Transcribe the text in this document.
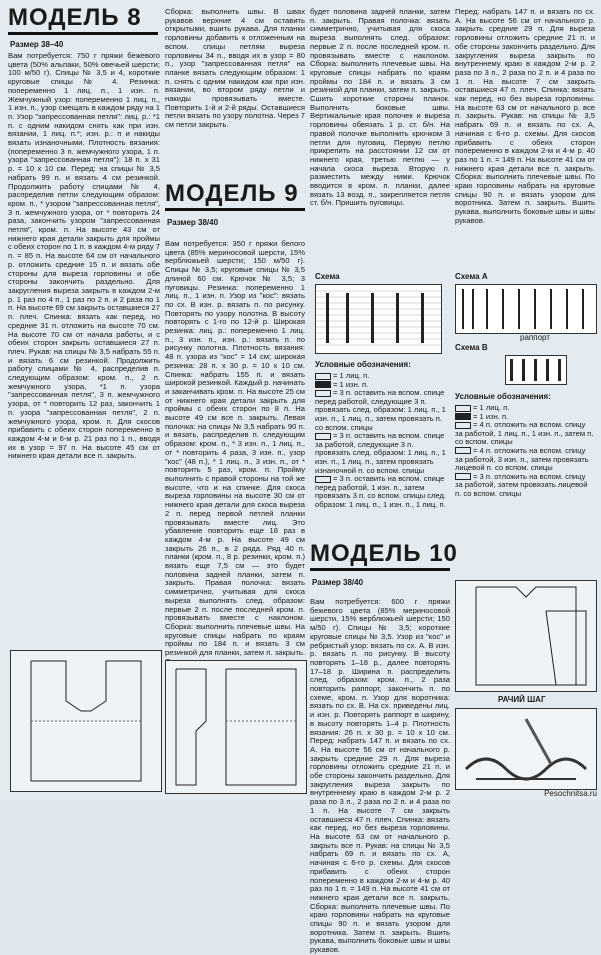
МОДЕЛЬ 8
Размер 38–40

Вам потребуется: 750 г пряжи бежевого цвета (50% альпаки, 50% овечьей шерсти; 100 м/50 г). Спицы № 3,5 и 4, короткие круговые спицы № 4. Резинка: попеременно 1 лиц. п., 1 изн. п. Жемчужный узор: попеременно 1 лиц. п., 1 изн. п., узор смещать в каждом ряду на 1 п. Узор "запрессованная петля": лиц. р.: *1 п. с одним накидом снять как при изн. вязании, 1 лиц. п.*; изн. р.: п и накиды вязать изнаночными. Плотность вязания: (попеременно 3 п. жемчужного узора, 1 п. узора "запрессованная петля"): 18 п. x 31 р. = 10 x 10 см. Перед: на спицы № 3,5 набрать 99 п. и вязать 4 см резинкой. Продолжить работу спицами № 4, распределив петли следующим образом: кром. п., * узором "запрессованная петля", 3 п. жемчужного узора, от * повторить 24 раза, закончить узором "запрессованная петля", кром. п. На высоте 43 см от нижнего края детали закрыть для проймы с обеих сторон по 1 п. в каждом 4-м ряду 7 п. = 85 п. На высоте 64 см от начального р. отложить средние 15 п. и вязать обе стороны для выреза горловины и обе стороны закончить раздельно. Для закругления выреза закрыть в каждом 2-м р. 1 раз по 4 п., 1 раз по 2 п. и 2 раза по 1 п. На высоте 69 см закрыть оставшиеся 27 п. плеч. Спинка: вязать как перед, но средние 31 п. отложить на высоте 70 см. На высоте 70 см от начала работы, и с обеих сторон закрыть оставшиеся 27 п. плеч. Рукав: на спицы № 3,5 набрать 55 п. и вязать 6 см резинкой. Продолжить работу спицами № 4, распределив п. следующим образом: кром. п., 2 п. жемчужного узора, *1 п. узора "запрессованная петля", 3 п. жемчужного узора, от * повторить 12 раз, закончить 1 п. узора "запрессованная петля", 2 п. жемчужного узора, кром. п. Для скосов прибавить с обеих сторон попеременно в каждом 4-м и 6-м р. 21 раз по 1 п., вводя их в узор = 97 п. На высоте 45 см от нижнего края детали все п. закрыть.

Сборка: выполнить швы. В швах рукавов верхние 4 см оставить открытыми, вшить рукава. Для планки горловины добавить к отложенным на вспом. спицы петлям выреза горловины 34 п., вводя их в узор = 80 п., узор "запрессованная петля" на планке вязать следующим образом: 1 п. снять с одним накидом как при изн. вязании, во втором ряду петли и накиды провязывать вместе. Повторить 1-й и 2-й ряды. Оставшиеся петли вязать по узору полотна. Через 7 см петли закрыть.

МОДЕЛЬ 9
Размер 38/40

Вам потребуется: 350 г пряжи белого цвета (85% мериносовой шерсти, 15% верблюжьей шерсти; 150 м/50 г). Спицы № 3,5; круговые спицы № 3,5 длиной 60 см. Крючок № 3,5; 3 пуговицы. Резинка: попеременно 1 лиц. п., 1 изн. п. Узор из "кос": вязать по сх. В изн. р. вязать п. по рисунку. Повторять по узору полотна. В высоту повторять с 1-го по 12-й р. Широкая резинка: лиц. р.: попеременно 1 лиц. п., 3 изн. п., изн. р.: вязать п. по рисунку полотна. Плотность вязания: 48 п. узора из "кос" = 14 см; широкая резинка: 28 п. x 30 р. = 10 x 10 см. Спинка: набрать 155 п. и вязать широкой резинкой. Каждый р. начинать и заканчивать кром. п. На высоте 25 см от нижнего края детали закрыть для проймы с обеих сторон по 8 п. На высоте 49 см все п. закрыть. Левая полочка: на спицы № 3,5 набрать 90 п. и вязать, распределив п. следующим образом: кром. п., * 3 изн. п., 1 лиц. п., от * повторить 4 раза, 3 изн. п., узор "кос" (48 п.), * 1 лиц. п., 3 изн. п., от * повторить 5 раз, кром. п. Пройму выполнить с правой стороны на той же высоте, что и на спинке. Для скоса выреза горловины на высоте 30 см от нижнего края детали для скоса выреза 2 п. перед первой петлей планки провязывать вместе лиц. Это убавление повторить еще 18 раз в каждом 4-м р. На высоте 49 см закрыть 26 п., в 2 ряда. Ряд 40 п. планки (кром. п., 8 р. резинки, кром. п.) вязать еще 7,5 см — это будет половина задней планки, затем п. закрыть. Правая полочка: вязать симметрично, учитывая для скоса выреза выполнять след. образом: первые 2 п. после последней кром. п. провязывать вместе с наклоном. Сборка: выполнить плечевые швы. На круговые спицы набрать по краям проймы по 184 п. и вязать 3 см резинкой для планки, затем п. закрыть.

будет половина задней планки, затем п. закрыть. Правая полочка: вязать симметрично, учитывая для скоса выреза выполнять след. образом: первые 2 п. после последней кром. п. провязывать вместе с наклоном. Сборка: выполнить плечевые швы. На круговые спицы набрать по краям проймы по 184 п. и вязать 3 см резинкой для планки, затем п. закрыть. Сшить короткие стороны планок. Выполнить боковые швы. Вертикальные края полочек и выреза горловины обвязать 1 р. ст. б/н. На правой полочке выполнить крючком 3 петли для пуговиц. Первую петлю прикрепить на расстоянии 12 см от нижнего края, третью петлю — у начала скоса выреза. Вторую п. разместить между ними. Крючок вводится в кром. п. планки, далее вязать 13 возд. п., закрепляется петля ст. б/н. Пришить пуговицы.

Схема
Условные обозначения:
= 1 лиц. п.
= 1 изн. п.
= 3 п. оставить на вспом. спице перед работой, следующие 3 п. провязать след. образом: 1 лиц. п., 1 изн. п., 1 лиц. п., затем провязать п. со вспом. спицы
= 3 п. оставить на вспом. спице за работой, следующие 3 п. провязать след. образом: 1 лиц. п., 1 изн. п., 1 лиц. п., затем провязать изнаночной п. со вспом. спицы
= 3 п. оставить на вспом. спице перед работой, 1 изн. п., затем провязать 3 п. со вспом. спицы след. образом: 1 лиц. п., 1 изн. п., 1 лиц. п.
МОДЕЛЬ 10
Размер 38/40

Вам потребуется: 600 г пряжи бежевого цвета (85% мериносовой шерсти, 15% верблюжьей шерсти; 150 м/50 г). Спицы № 3,5; короткие круговые спицы № 3,5. Узор из "кос" и ребристый узор: вязать по сх. А. В изн. р. вязать п. по рисунку. В высоту повторять 1–18 р., далее повторять 17–18 р. Ширина п. распределить след. образом: кром. п., 2 раза повторить раппорт, закончить п. по схеме, кром. п. Узор для воротника: вязать по сх. В. На сх. приведены лиц. и изн. р. Повторять раппорт в ширину, в высоту повторять 1–4 р. Плотность вязания: 26 п. x 30 р. = 10 x 10 см. Перед: набрать 147 п. и вязать по сх. А. На высоте 56 см от начального р. закрыть средние 29 п. Для выреза горловины отложить средние 21 п. и обе стороны закончить раздельно. Для закругления выреза закрыть по внутреннему краю в каждом 2-м р. 2 раза по 3 п., 2 раза по 2 п. и 4 раза по 1 п. На высоте 7 см закрыть оставшиеся 47 п. плеч. Спинка: вязать как перед, но без выреза горловины. На высоте 63 см от начального р. закрыть все п. Рукав: на спицы № 3,5 набрать 69 п. и вязать по сх. А, начиная с 6-го р. схемы. Для скосов прибавить с обеих сторон попеременно в каждом 2-м и 4-м р. 40 раз по 1 п. = 149 п. На высоте 41 см от нижнего края детали все п. закрыть. Сборка: выполнить плечевые швы. По краю горловины набрать на круговые спицы 90 п. и вязать узором для воротника. Затем п. закрыть. Вшить рукава, выполнить боковые швы и швы рукавов.

Перед: набрать 147 п. и вязать по сх. А. На высоте 56 см от начального р. закрыть средние 29 п. Для выреза горловины отложить средние 21 п. и обе стороны закончить раздельно. Для закругления выреза закрыть по внутреннему краю в каждом 2-м р. 2 раза по 3 п., 2 раза по 2 п. и 4 раза по 1 п. На высоте 7 см закрыть оставшиеся 47 п. плеч. Спинка: вязать как перед, но без выреза горловины. На высоте 63 см от начального р. все п. закрыть. Рукав: на спицы № 3,5 набрать 69 п. и вязать по сх. А, начиная с 6-го р. схемы. Для скосов прибавить с обеих сторон попеременно в каждом 2-м и 4-м р. 40 раз по 1 п. = 149 п. На высоте 41 см от нижнего края детали все п. закрыть. Сборка: выполнить плечевые швы. По краю горловины набрать на круговые спицы 90 п. и вязать узором для воротника. Затем п. закрыть. Вшить рукава, выполнить боковые швы и швы рукавов.

Схема А
раппорт
Схема В
Условные обозначения:
= 1 лиц. п.
= 1 изн. п.
= 4 п. отложить на вспом. спицу за работой, 1 лиц. п., 1 изн. п., затем п. со вспом. спицы
= 4 п. отложить на вспом. спицу за работой, 3 изн. п., затем провязать лицевой п. со вспом. спицы
= 3 п. отложить на вспом. спицу за работой, затем провязать лицевой п. со вспом. спицы
РАЧИЙ ШАГ
Pesochnitsa.ru
